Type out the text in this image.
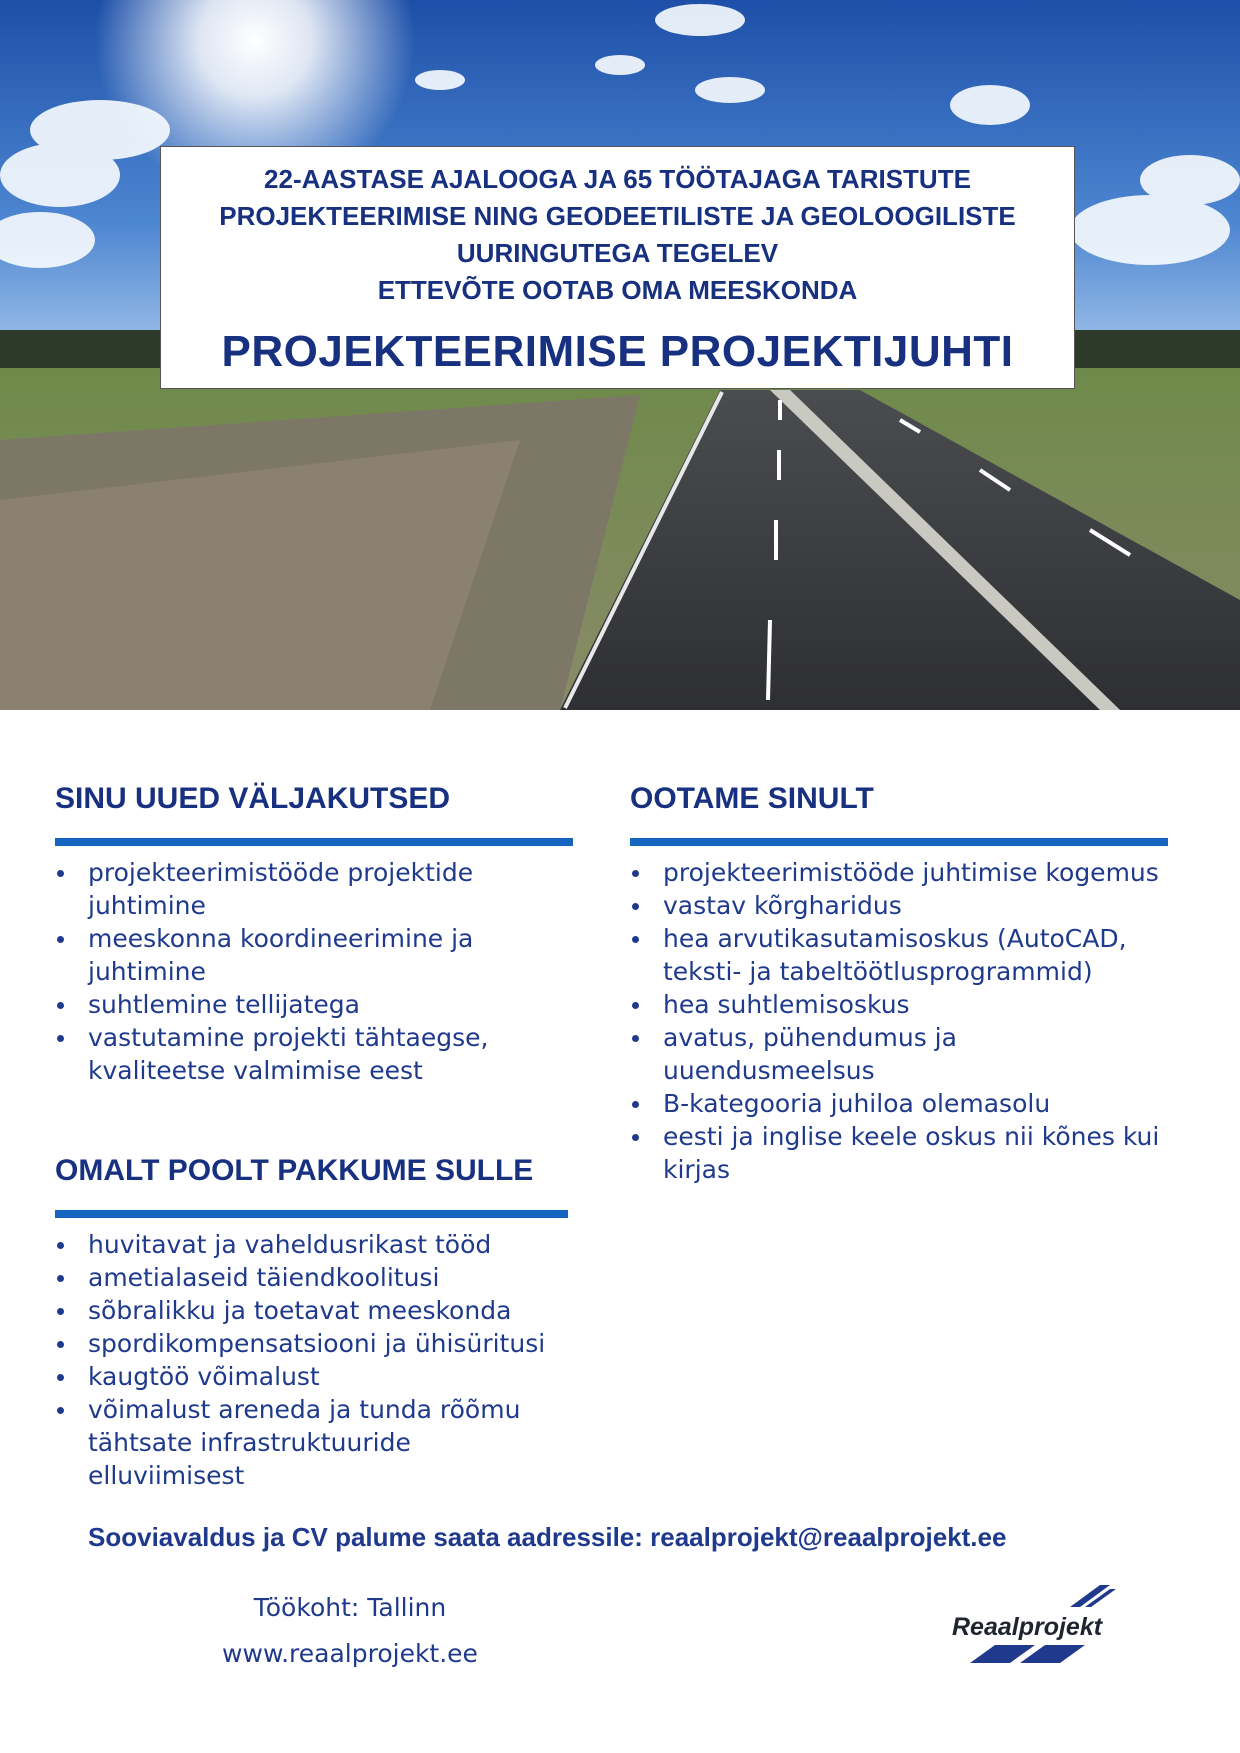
22-AASTASE AJALOOGA JA 65 TÖÖTAJAGA TARISTUTE
PROJEKTEERIMISE NING GEODEETILISTE JA GEOLOOGILISTE
UURINGUTEGA TEGELEV
ETTEVÕTE OOTAB OMA MEESKONDA
PROJEKTEERIMISE PROJEKTIJUHTI
SINU UUED VÄLJAKUTSED
projekteerimistööde projektide juhtimine
meeskonna koordineerimine ja juhtimine
suhtlemine tellijatega
vastutamine projekti tähtaegse, kvaliteetse valmimise eest
OMALT POOLT PAKKUME SULLE
huvitavat ja vaheldusrikast tööd
ametialaseid täiendkoolitusi
sõbralikku ja toetavat meeskonda
spordikompensatsiooni ja ühisüritusi
kaugtöö võimalust
võimalust areneda ja tunda rõõmu tähtsate infrastruktuuride elluviimisest
OOTAME SINULT
projekteerimistööde juhtimise kogemus
vastav kõrgharidus
hea arvutikasutamisoskus (AutoCAD, teksti- ja tabeltöötlusprogrammid)
hea suhtlemisoskus
avatus, pühendumus ja uuendusmeelsus
B-kategooria juhiloa olemasolu
eesti ja inglise keele oskus nii kõnes kui kirjas
Sooviavaldus ja CV palume saata aadressile: reaalprojekt@reaalprojekt.ee
Töökoht: Tallinn
www.reaalprojekt.ee
Reaalprojekt
